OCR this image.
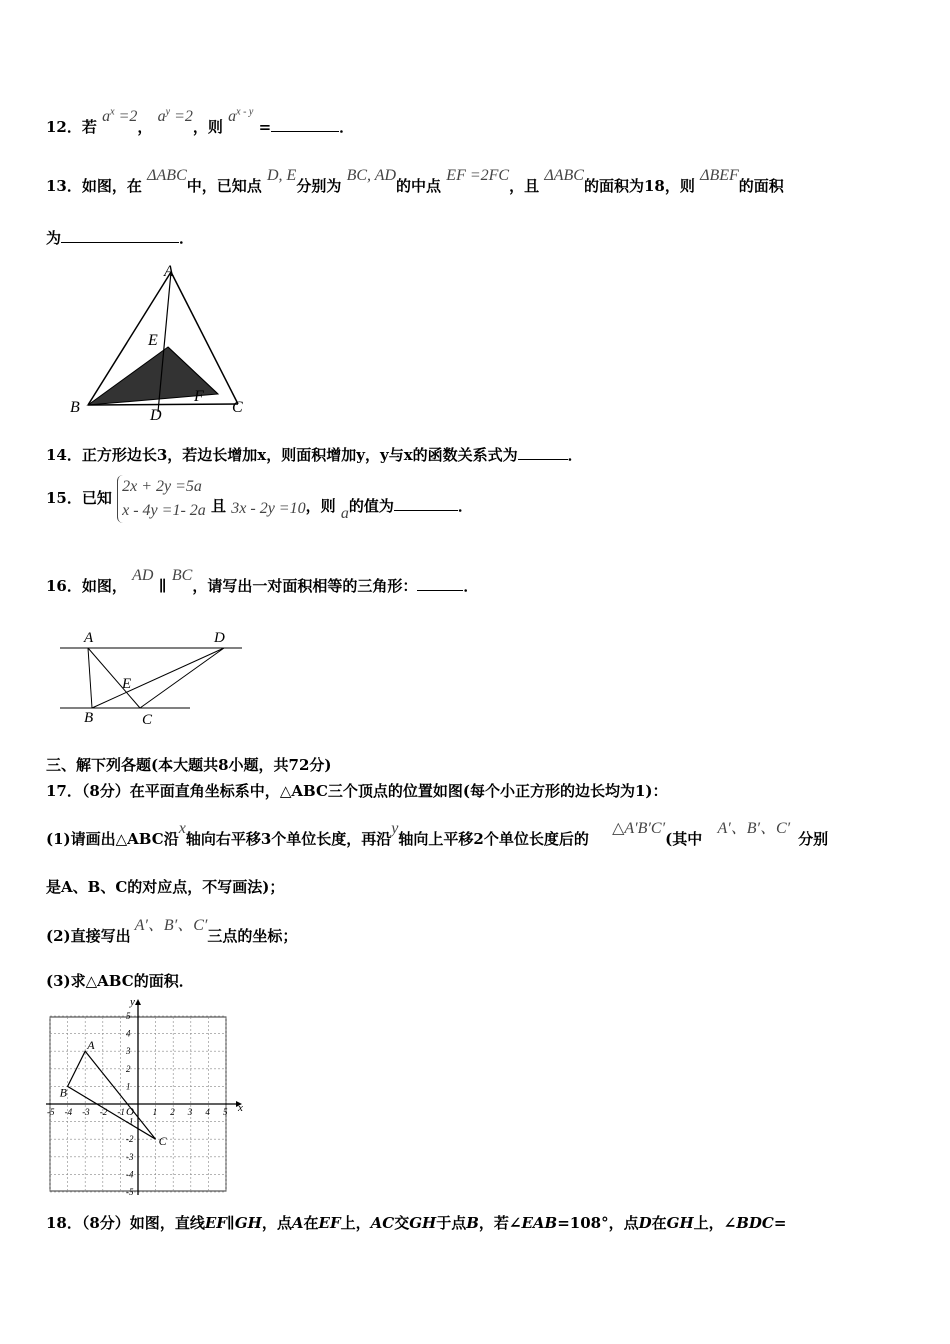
12．若 $a^x =2$， $a^y =2$，则 $a^{x - y}$ =	．
13．如图，在 ΔABC中，已知点 D, E分别为 BC, AD的中点 EF =2FC，且 ΔABC的面积为18，则 ΔBEF的面积
为	．
A
E
F
B	C
D
14．正方形边长3，若边长增加x，则面积增加y，y与x的函数关系式为	．
15．已知 2x + 2y =5a
x - 4y =1- 2a 且 3x - 2y =10，则 a的值为	．
16．如图， AD ∥ BC，请写出一对面积相等的三角形：	．
A	D
E
B	C
三、解下列各题(本大题共8小题，共72分)
17．（8分）在平面直角坐标系中，△ABC三个顶点的位置如图(每个小正方形的边长均为1)：
(1)请画出△ABC沿x轴向右平移3个单位长度，再沿y轴向上平移2个单位长度后的 △A′B′C′(其中 A′、B′、C′分别
是A、B、C的对应点，不写画法)；
(2)直接写出A′、B′、C′三点的坐标；
(3)求△ABC的面积．
x
y
O
-5 -4 -3 -2 -1	1 2 3 4 5
5
4
3
2
1
-1
-2
-3
-4
-5
A
B
C
18．（8分）如图，直线EF∥GH，点A在EF上，AC交GH于点B，若∠EAB=108°，点D在GH上，∠BDC=
